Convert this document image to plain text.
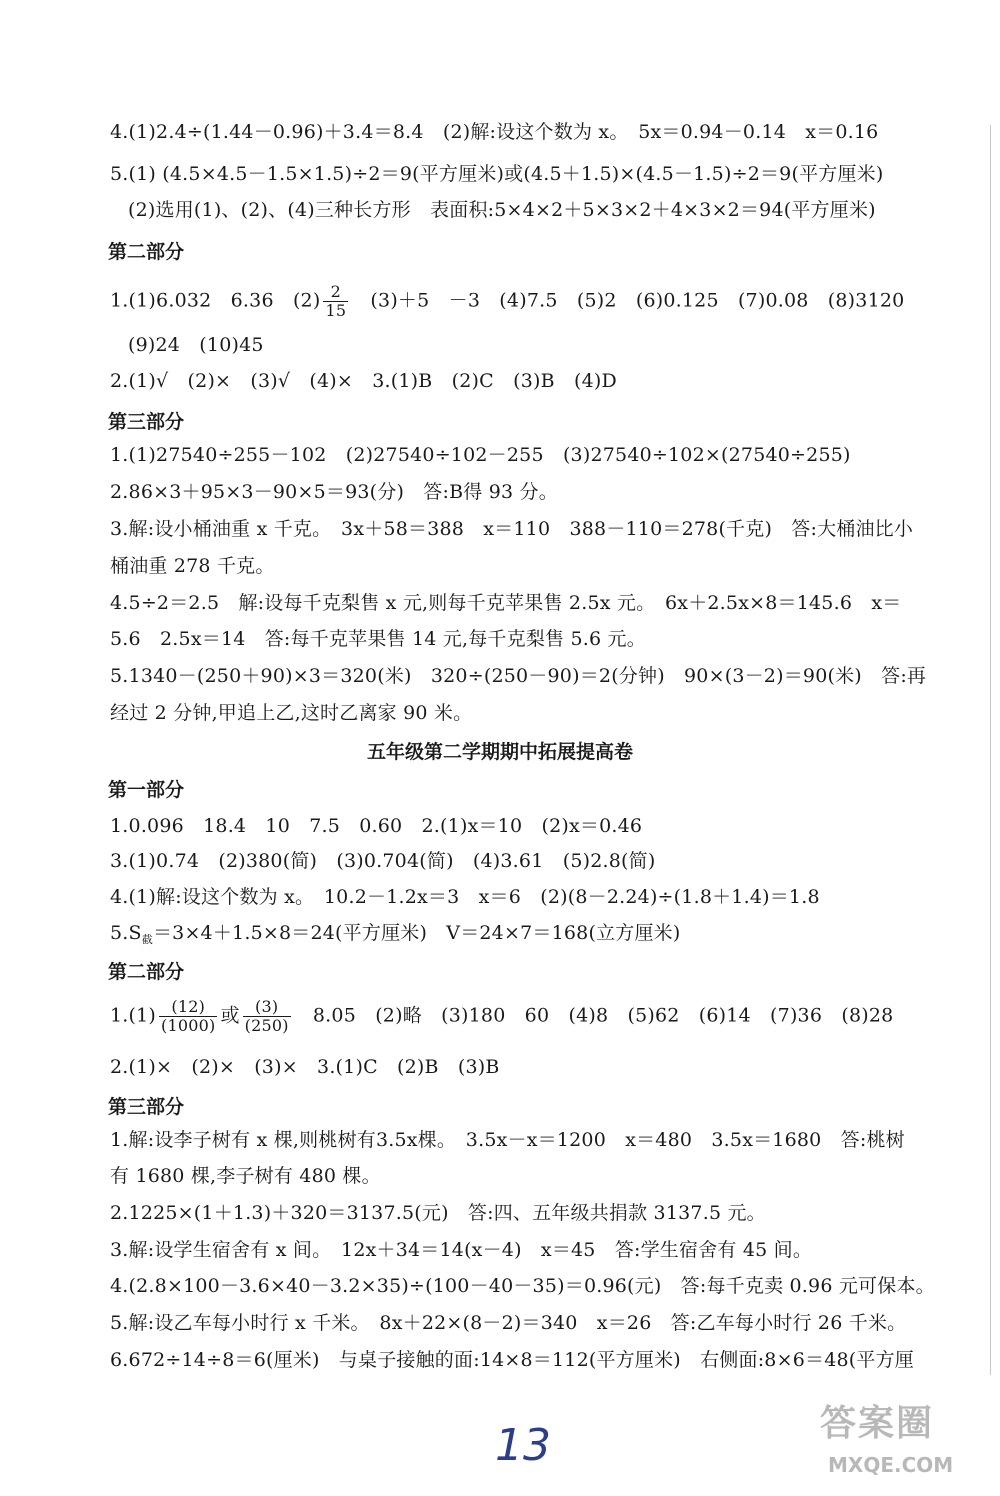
4.(1)2.4÷(1.44－0.96)＋3.4＝8.4　(2)解:设这个数为 x。　5x＝0.94－0.14　x＝0.16
5.(1) (4.5×4.5－1.5×1.5)÷2＝9(平方厘米)或(4.5＋1.5)×(4.5－1.5)÷2＝9(平方厘米)
(2)选用(1)、(2)、(4)三种长方形　表面积:5×4×2＋5×3×2＋4×3×2＝94(平方厘米)
第二部分
1.(1)6.032　6.36　$(2) \frac{2}{15}$ 　(3)＋5　－3　(4)7.5　(5)2　(6)0.125　(7)0.08　(8)3120
(9)24　(10)45
2.(1)√　(2)×　(3)√　(4)×　3.(1)B　(2)C　(3)B　(4)D
第三部分
1.(1)27540÷255－102　(2)27540÷102－255　(3)27540÷102×(27540÷255)
2.86×3＋95×3－90×5＝93(分)　答:B得 93 分。
3.解:设小桶油重 x 千克。　3x＋58＝388　x＝110　388－110＝278(千克)　答:大桶油比小
桶油重 278 千克。
4.5÷2＝2.5　解:设每千克梨售 x 元,则每千克苹果售 2.5x 元。　6x＋2.5x×8＝145.6　x＝
5.6　2.5x＝14　答:每千克苹果售 14 元,每千克梨售 5.6 元。
5.1340－(250＋90)×3＝320(米)　320÷(250－90)＝2(分钟)　90×(3－2)＝90(米)　答:再
经过 2 分钟,甲追上乙,这时乙离家 90 米。
五年级第二学期期中拓展提高卷
第一部分
1.0.096　18.4　10　7.5　0.60　2.(1)x＝10　(2)x＝0.46
3.(1)0.74　(2)380(简)　(3)0.704(简)　(4)3.61　(5)2.8(简)
4.(1)解:设这个数为 x。　10.2－1.2x＝3　x＝6　(2)(8－2.24)÷(1.8＋1.4)＝1.8
$5.S_截=3\times 4+1.5\times 8=24$(平方厘米)　V＝24×7＝168(立方厘米)
第二部分
$1.(1) \frac{(12)}{(1000)}$ 或 $\frac{(3)}{(250)}$ 　8.05　(2)略　(3)180　60　(4)8　(5)62　(6)14　(7)36　(8)28
2.(1)×　(2)×　(3)×　3.(1)C　(2)B　(3)B
第三部分
1.解:设李子树有 x 棵,则桃树有3.5x棵。　3.5x－x＝1200　x＝480　3.5x＝1680　答:桃树
有 1680 棵,李子树有 480 棵。
2.1225×(1＋1.3)＋320＝3137.5(元)　答:四、五年级共捐款 3137.5 元。
3.解:设学生宿舍有 x 间。　12x＋34＝14(x－4)　x＝45　答:学生宿舍有 45 间。
4.(2.8×100－3.6×40－3.2×35)÷(100－40－35)＝0.96(元)　答:每千克卖 0.96 元可保本。
5.解:设乙车每小时行 x 千米。　8x＋22×(8－2)＝340　x＝26　答:乙车每小时行 26 千米。
6.672÷14÷8＝6(厘米)　与桌子接触的面:14×8＝112(平方厘米)　右侧面:8×6＝48(平方厘
13	答案圈
MXQE.COM
